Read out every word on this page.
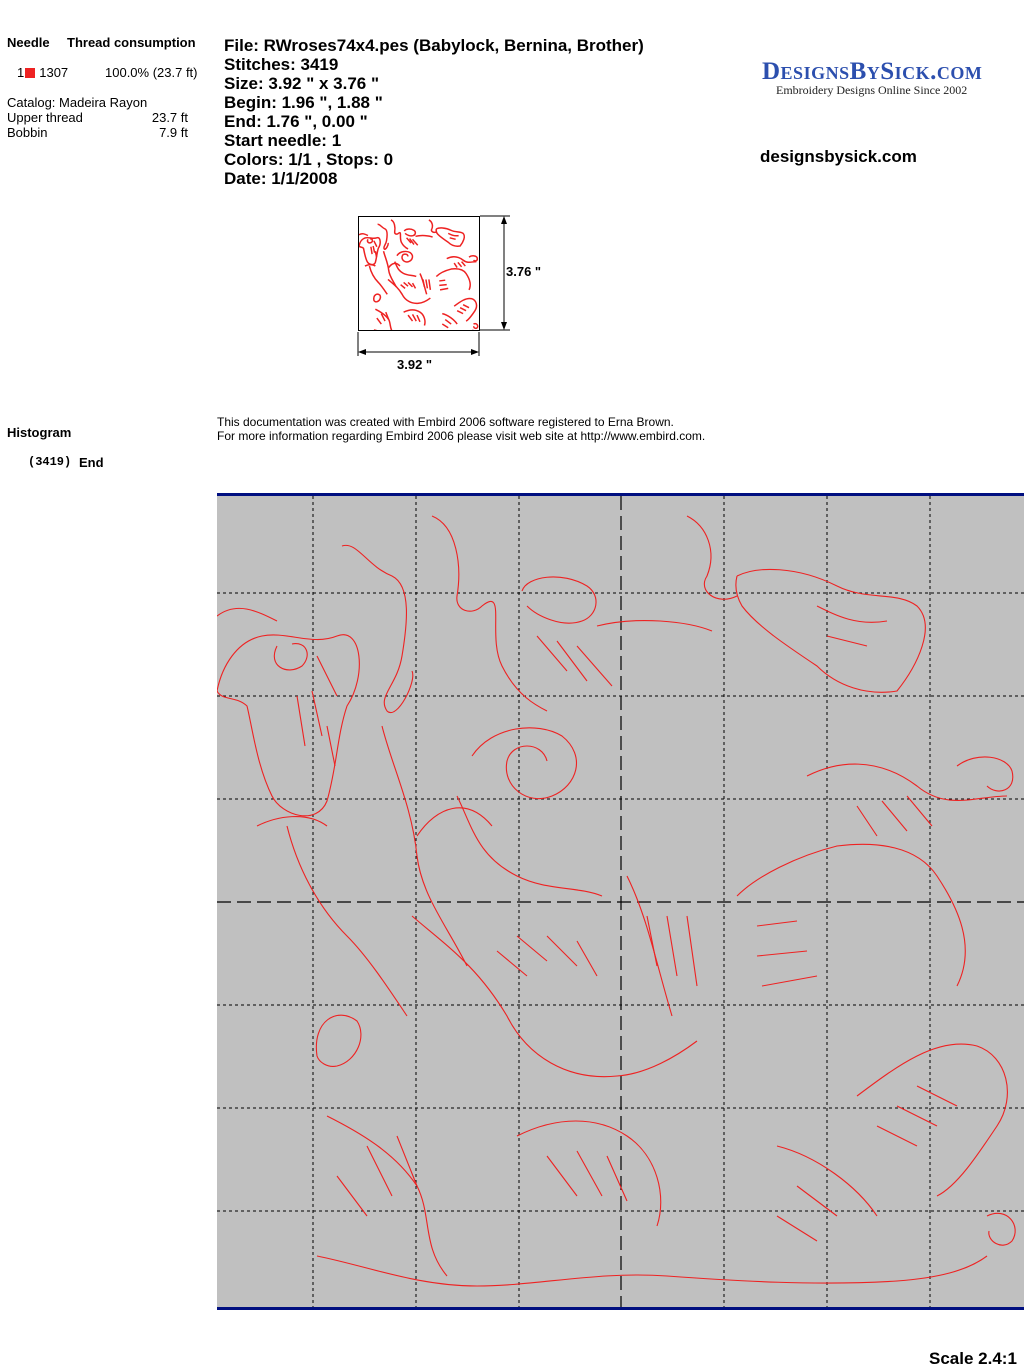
Needle Thread consumption
1 1307	100.0% (23.7 ft)
Catalog: Madeira Rayon
Upper thread	23.7 ft
Bobbin	7.9 ft
Histogram
(3419) End
File: RWroses74x4.pes (Babylock, Bernina, Brother)
Stitches: 3419
Size: 3.92 " x 3.76 "
Begin: 1.96 ", 1.88 "
End: 1.76 ", 0.00 "
Start needle: 1
Colors: 1/1 , Stops: 0
Date: 1/1/2008
DesignsBySick.com
Embroidery Designs Online Since 2002
designsbysick.com
3.76 "
3.92 "
This documentation was created with Embird 2006 software registered to Erna Brown.
For more information regarding Embird 2006 please visit web site at http://www.embird.com.
Scale 2.4:1
